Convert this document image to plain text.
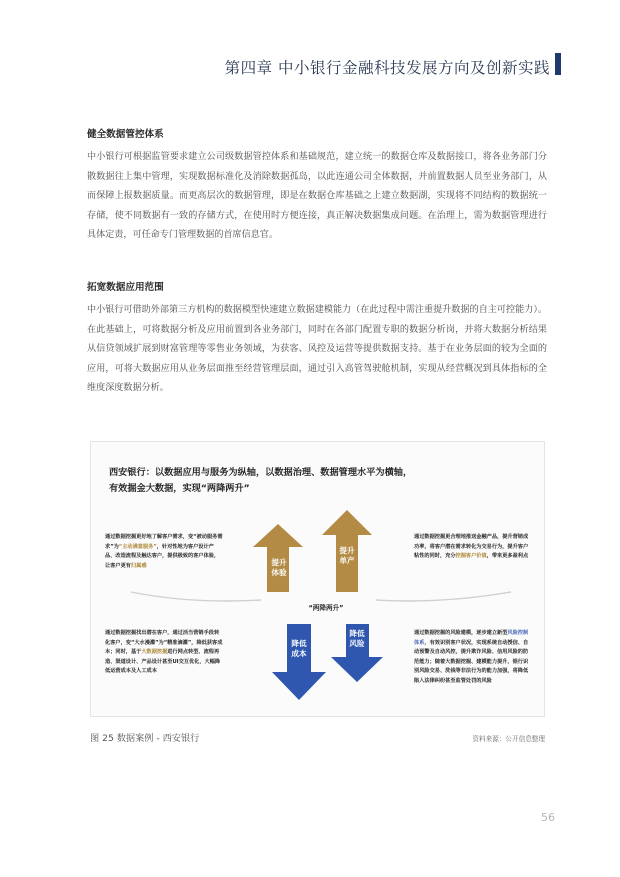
第四章 中小银行金融科技发展方向及创新实践
健全数据管控体系

中小银行可根据监管要求建立公司级数据管控体系和基础规范，建立统一的数据仓库及数据接口，将各业务部门分散数据往上集中管理，实现数据标准化及消除数据孤岛，以此连通公司全体数据，并前置数据人员至业务部门，从而保障上报数据质量。而更高层次的数据管理，即是在数据仓库基础之上建立数据湖，实现将不同结构的数据统一存储，使不同数据有一致的存储方式，在使用时方便连接，真正解决数据集成问题。在治理上，需为数据管理进行具体定责，可任命专门管理数据的首席信息官。

拓宽数据应用范围

中小银行可借助外部第三方机构的数据模型快速建立数据建模能力（在此过程中需注重提升数据的自主可控能力）。在此基础上，可将数据分析及应用前置到各业务部门，同时在各部门配置专职的数据分析岗，并将大数据分析结果从信贷领域扩展到财富管理等零售业务领域，为获客、风控及运营等提供数据支持。基于在业务层面的较为全面的应用，可将大数据应用从业务层面推至经营管理层面，通过引入高管驾驶舱机制，实现从经营概况到具体指标的全维度深度数据分析。

西安银行：以数据应用与服务为纵轴，以数据治理、数据管理水平为横轴，

有效掘金大数据，实现“两降两升”

提升
体验
提升
单产
降低
成本
降低
风险
“两降两升”

通过数据挖掘更好地了解客户需求，变“被动服务需求”为“主动满意服务”，针对性地为客户设计产品、改造流程及触达客户，提供极致的客户体验，让客户更有归属感

通过数据挖掘更合理地推送金融产品，提升营销成功率，将客户潜在需求转化为交易行为，提升客户粘性的同时，充分挖掘客户价值，带来更多盈利点

通过数据挖掘找出潜在客户，通过活当营销手段转化客户，变“大水漫灌”为“精准滴灌”，降低获客成本；同时，基于大数据挖掘进行网点转型、流程再造、渠道设计、产品设计甚至UI交互优化，大幅降低运营成本及人工成本

通过数据挖掘的风险建模，逐步建立新型风险控制体系，有效识别客户状况，实现系统自动授信、自动预警及自动风控，提升欺诈风险、信用风险的防范能力；随着大数据挖掘、建模能力提升，银行识别风险交易、洗钱等非法行为的能力加强，将降低陷入法律纠纷甚至监管处罚的风险

图 25 数据案例 - 西安银行	资料来源：公开信息整理
56
